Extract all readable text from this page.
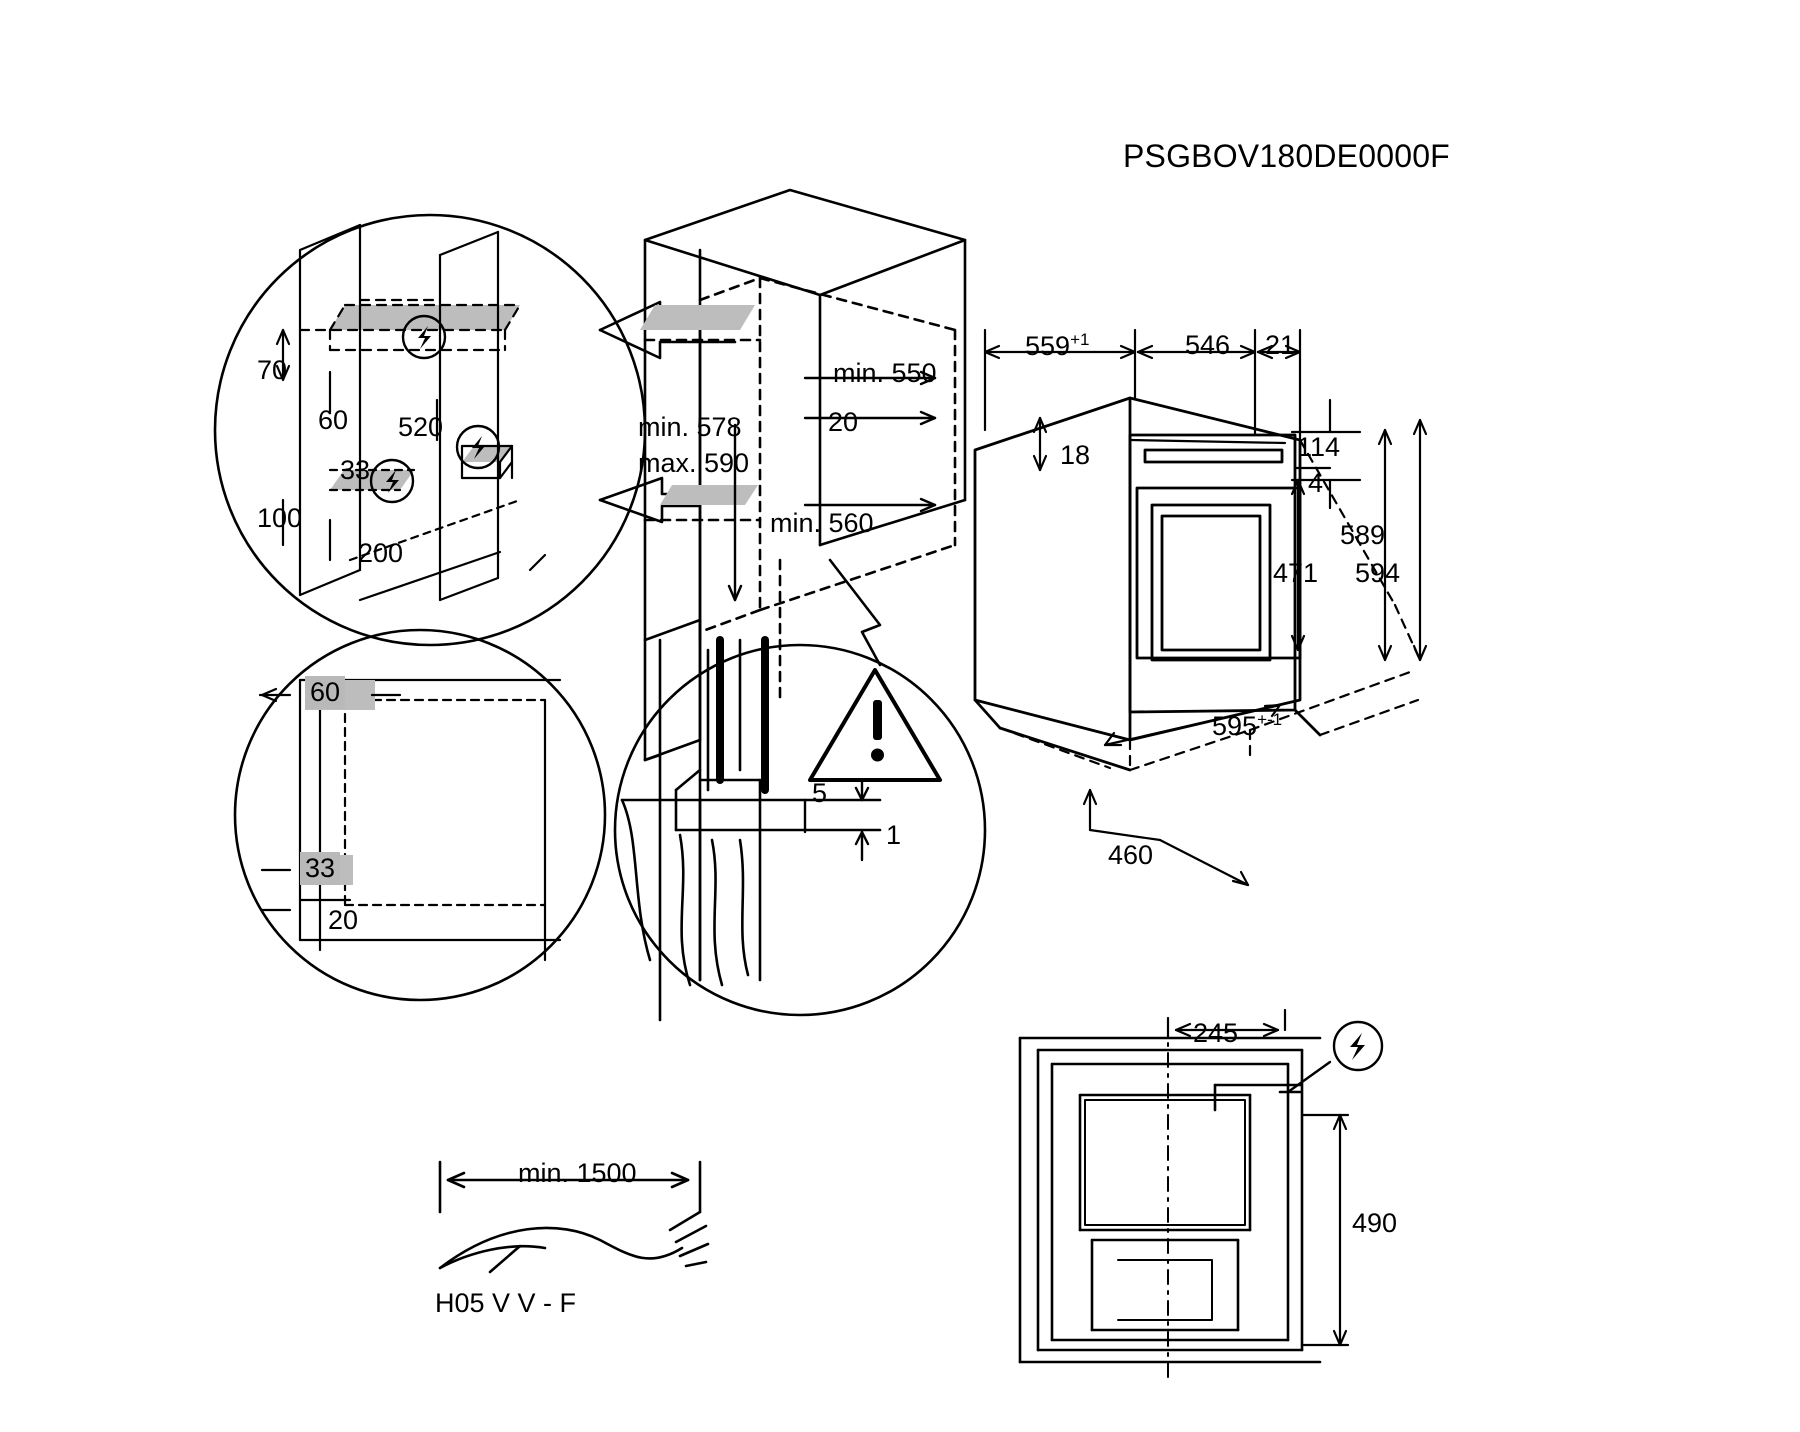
PSGBOV180DE0000F
70
60 520
33
100
200
min. 550
min. 578
max. 590
20
min. 560
60
33
20
5
1
$559^{+1}$	546 21
18	114
4
589
594
471
$595^{+-1}$
460
245
490
min. 1500
H05 V V - F
